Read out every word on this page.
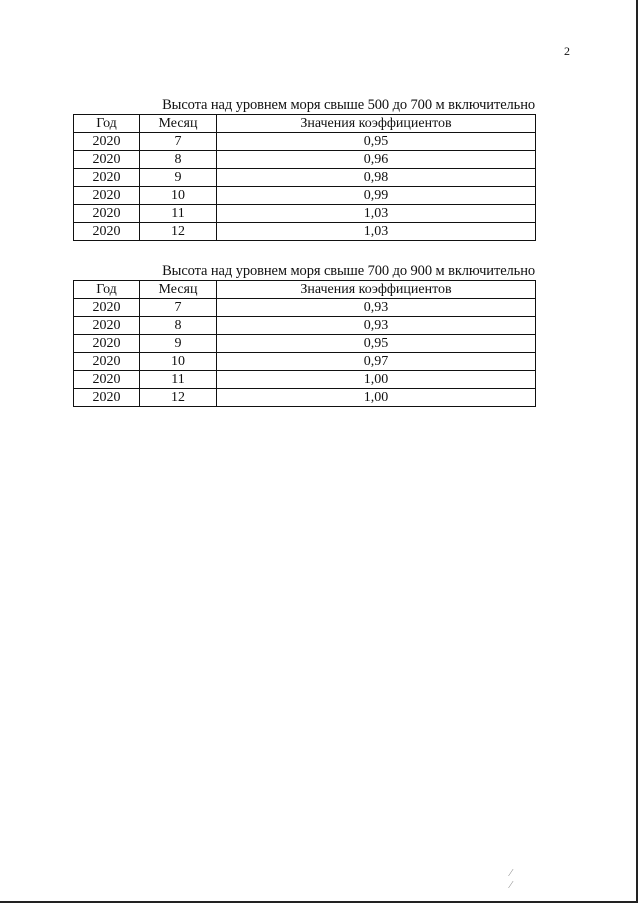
2
Высота над уровнем моря свыше 500 до 700 м включительно
Год	Месяц	Значения коэффициентов
2020	7	0,95
2020	8	0,96
2020	9	0,98
2020	10	0,99
2020	11	1,03
2020	12	1,03
Высота над уровнем моря свыше 700 до 900 м включительно
Год	Месяц	Значения коэффициентов
2020	7	0,93
2020	8	0,93
2020	9	0,95
2020	10	0,97
2020	11	1,00
2020	12	1,00
⁄
⁄
